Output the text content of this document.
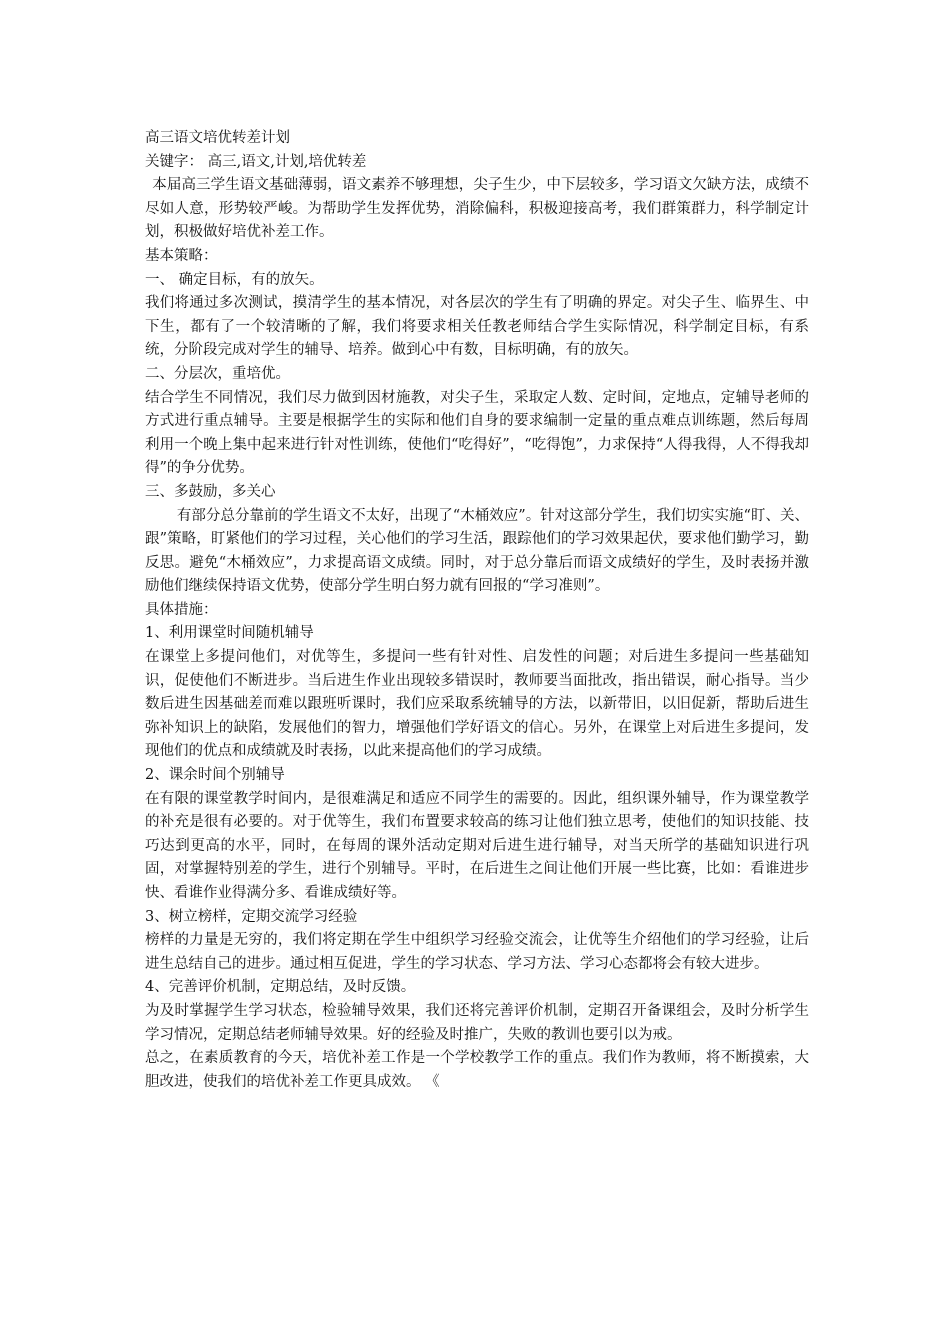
高三语文培优转差计划

关键字： 高三,语文,计划,培优转差

本届高三学生语文基础薄弱，语文素养不够理想，尖子生少，中下层较多，学习语文欠缺方法，成绩不尽如人意，形势较严峻。为帮助学生发挥优势，消除偏科，积极迎接高考，我们群策群力，科学制定计划，积极做好培优补差工作。

基本策略：

一、 确定目标，有的放矢。

我们将通过多次测试，摸清学生的基本情况，对各层次的学生有了明确的界定。对尖子生、临界生、中下生，都有了一个较清晰的了解，我们将要求相关任教老师结合学生实际情况，科学制定目标，有系统，分阶段完成对学生的辅导、培养。做到心中有数，目标明确，有的放矢。

二、分层次，重培优。

结合学生不同情况，我们尽力做到因材施教，对尖子生，采取定人数、定时间，定地点，定辅导老师的方式进行重点辅导。主要是根据学生的实际和他们自身的要求编制一定量的重点难点训练题，然后每周利用一个晚上集中起来进行针对性训练，使他们“吃得好”，“吃得饱”，力求保持“人得我得，人不得我却得”的争分优势。

三、多鼓励，多关心

有部分总分靠前的学生语文不太好，出现了“木桶效应”。针对这部分学生，我们切实实施“盯、关、跟”策略，盯紧他们的学习过程，关心他们的学习生活，跟踪他们的学习效果起伏，要求他们勤学习，勤反思。避免“木桶效应”，力求提高语文成绩。同时，对于总分靠后而语文成绩好的学生，及时表扬并激励他们继续保持语文优势，使部分学生明白努力就有回报的“学习准则”。

具体措施：

1、利用课堂时间随机辅导

在课堂上多提问他们，对优等生，多提问一些有针对性、启发性的问题；对后进生多提问一些基础知识，促使他们不断进步。当后进生作业出现较多错误时，教师要当面批改，指出错误，耐心指导。当少数后进生因基础差而难以跟班听课时，我们应采取系统辅导的方法，以新带旧，以旧促新，帮助后进生弥补知识上的缺陷，发展他们的智力，增强他们学好语文的信心。另外，在课堂上对后进生多提问，发现他们的优点和成绩就及时表扬，以此来提高他们的学习成绩。

2、课余时间个别辅导

在有限的课堂教学时间内，是很难满足和适应不同学生的需要的。因此，组织课外辅导，作为课堂教学的补充是很有必要的。对于优等生，我们布置要求较高的练习让他们独立思考，使他们的知识技能、技巧达到更高的水平，同时，在每周的课外活动定期对后进生进行辅导，对当天所学的基础知识进行巩固，对掌握特别差的学生，进行个别辅导。平时，在后进生之间让他们开展一些比赛，比如：看谁进步快、看谁作业得满分多、看谁成绩好等。

3、树立榜样，定期交流学习经验

榜样的力量是无穷的，我们将定期在学生中组织学习经验交流会，让优等生介绍他们的学习经验，让后进生总结自己的进步。通过相互促进，学生的学习状态、学习方法、学习心态都将会有较大进步。

4、完善评价机制，定期总结，及时反馈。

为及时掌握学生学习状态，检验辅导效果，我们还将完善评价机制，定期召开备课组会，及时分析学生学习情况，定期总结老师辅导效果。好的经验及时推广，失败的教训也要引以为戒。

总之，在素质教育的今天，培优补差工作是一个学校教学工作的重点。我们作为教师，将不断摸索，大胆改进，使我们的培优补差工作更具成效。 《
